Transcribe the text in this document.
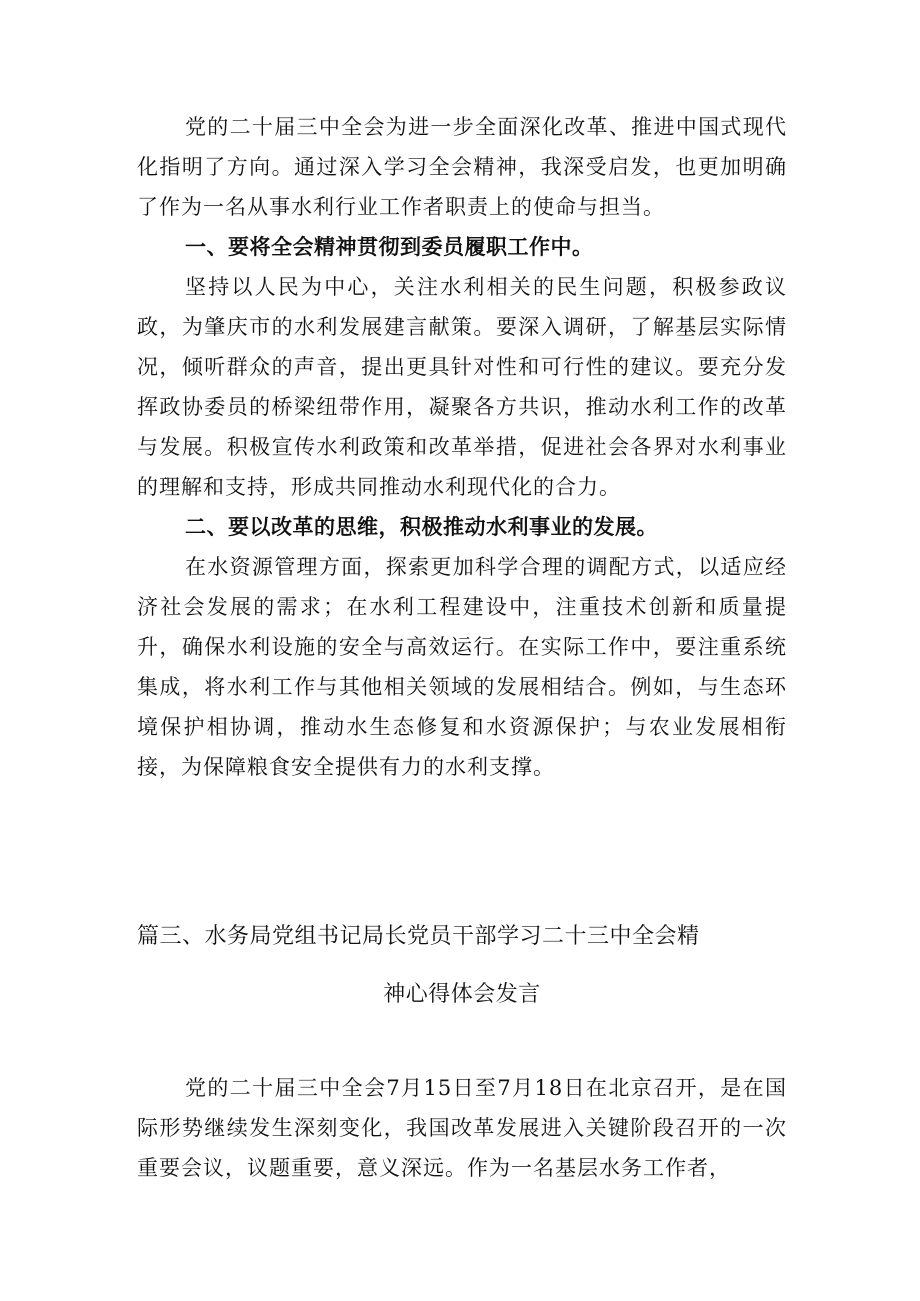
党的二十届三中全会为进一步全面深化改革、推进中国式现代化指明了方向。通过深入学习全会精神，我深受启发，也更加明确了作为一名从事水利行业工作者职责上的使命与担当。

一、要将全会精神贯彻到委员履职工作中。

坚持以人民为中心，关注水利相关的民生问题，积极参政议政，为肇庆市的水利发展建言献策。要深入调研，了解基层实际情况，倾听群众的声音，提出更具针对性和可行性的建议。要充分发挥政协委员的桥梁纽带作用，凝聚各方共识，推动水利工作的改革与发展。积极宣传水利政策和改革举措，促进社会各界对水利事业的理解和支持，形成共同推动水利现代化的合力。

二、要以改革的思维，积极推动水利事业的发展。

在水资源管理方面，探索更加科学合理的调配方式，以适应经济社会发展的需求；在水利工程建设中，注重技术创新和质量提升，确保水利设施的安全与高效运行。在实际工作中，要注重系统集成，将水利工作与其他相关领域的发展相结合。例如，与生态环境保护相协调，推动水生态修复和水资源保护；与农业发展相衔接，为保障粮食安全提供有力的水利支撑。

篇三、水务局党组书记局长党员干部学习二十三中全会精

神心得体会发言

党的二十届三中全会7月15日至7月18日在北京召开，是在国际形势继续发生深刻变化，我国改革发展进入关键阶段召开的一次重要会议，议题重要，意义深远。作为一名基层水务工作者，
